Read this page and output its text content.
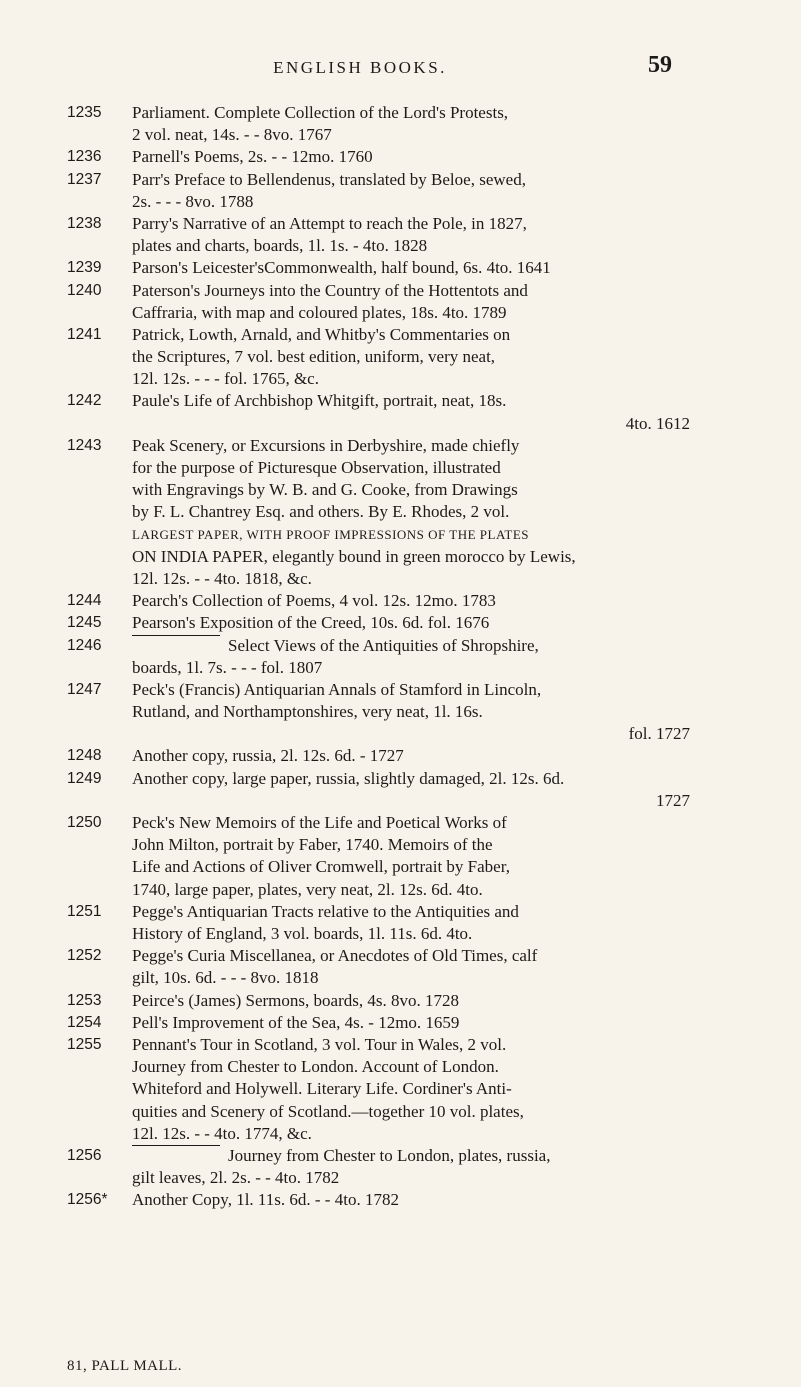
ENGLISH BOOKS.	59
1235	Parliament. Complete Collection of the Lord's Protests,
2 vol. neat, 14s. - - 8vo. 1767
1236	Parnell's Poems, 2s. - - 12mo. 1760
1237	Parr's Preface to Bellendenus, translated by Beloe, sewed,
2s. - - - 8vo. 1788
1238	Parry's Narrative of an Attempt to reach the Pole, in 1827,
plates and charts, boards, 1l. 1s. - 4to. 1828
1239	Parson's Leicester'sCommonwealth, half bound, 6s. 4to. 1641
1240	Paterson's Journeys into the Country of the Hottentots and
Caffraria, with map and coloured plates, 18s. 4to. 1789
1241	Patrick, Lowth, Arnald, and Whitby's Commentaries on
the Scriptures, 7 vol. best edition, uniform, very neat,
12l. 12s. - - - fol. 1765, &c.
1242	Paule's Life of Archbishop Whitgift, portrait, neat, 18s.
4to. 1612
1243	Peak Scenery, or Excursions in Derbyshire, made chiefly
for the purpose of Picturesque Observation, illustrated
with Engravings by W. B. and G. Cooke, from Drawings
by F. L. Chantrey Esq. and others. By E. Rhodes, 2 vol.
LARGEST PAPER, WITH PROOF IMPRESSIONS OF THE PLATES
ON INDIA PAPER, elegantly bound in green morocco by Lewis,
12l. 12s. - - 4to. 1818, &c.
1244	Pearch's Collection of Poems, 4 vol. 12s. 12mo. 1783
1245	Pearson's Exposition of the Creed, 10s. 6d. fol. 1676
1246	Select Views of the Antiquities of Shropshire,
boards, 1l. 7s. - - - fol. 1807
1247	Peck's (Francis) Antiquarian Annals of Stamford in Lincoln,
Rutland, and Northamptonshires, very neat, 1l. 16s.
fol. 1727
1248	Another copy, russia, 2l. 12s. 6d. - 1727
1249	Another copy, large paper, russia, slightly damaged, 2l. 12s. 6d.
1727
1250	Peck's New Memoirs of the Life and Poetical Works of
John Milton, portrait by Faber, 1740. Memoirs of the
Life and Actions of Oliver Cromwell, portrait by Faber,
1740, large paper, plates, very neat, 2l. 12s. 6d. 4to.
1251	Pegge's Antiquarian Tracts relative to the Antiquities and
History of England, 3 vol. boards, 1l. 11s. 6d. 4to.
1252	Pegge's Curia Miscellanea, or Anecdotes of Old Times, calf
gilt, 10s. 6d. - - - 8vo. 1818
1253	Peirce's (James) Sermons, boards, 4s. 8vo. 1728
1254	Pell's Improvement of the Sea, 4s. - 12mo. 1659
1255	Pennant's Tour in Scotland, 3 vol. Tour in Wales, 2 vol.
Journey from Chester to London. Account of London.
Whiteford and Holywell. Literary Life. Cordiner's Anti-
quities and Scenery of Scotland.—together 10 vol. plates,
12l. 12s. - - 4to. 1774, &c.
1256	Journey from Chester to London, plates, russia,
gilt leaves, 2l. 2s. - - 4to. 1782
1256*	Another Copy, 1l. 11s. 6d. - - 4to. 1782
81, PALL MALL.
